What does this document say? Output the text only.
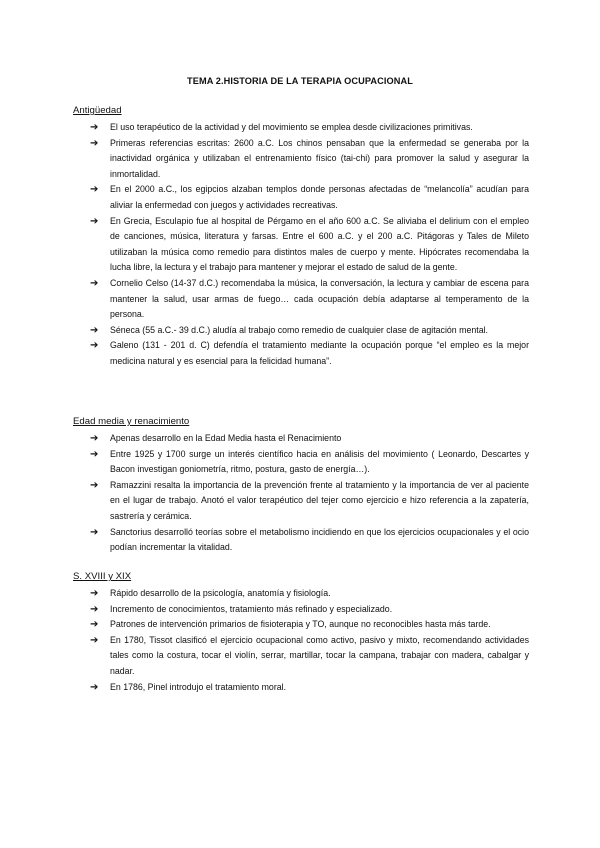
TEMA 2.HISTORIA DE LA TERAPIA OCUPACIONAL
Antigüedad
➔ El uso terapéutico de la actividad y del movimiento se emplea desde civilizaciones primitivas.
➔ Primeras referencias escritas: 2600 a.C. Los chinos pensaban que la enfermedad se generaba por la inactividad orgánica y utilizaban el entrenamiento físico (tai-chi) para promover la salud y asegurar la inmortalidad.
➔ En el 2000 a.C., los egipcios alzaban templos donde personas afectadas de “melancolía” acudían para aliviar la enfermedad con juegos y actividades recreativas.
➔ En Grecia, Esculapio fue al hospital de Pérgamo en el año 600 a.C. Se aliviaba el delirium con el empleo de canciones, música, literatura y farsas. Entre el 600 a.C. y el 200 a.C. Pitágoras y Tales de Mileto utilizaban la música como remedio para distintos males de cuerpo y mente. Hipócrates recomendaba la lucha libre, la lectura y el trabajo para mantener y mejorar el estado de salud de la gente.
➔ Cornelio Celso (14-37 d.C.) recomendaba la música, la conversación, la lectura y cambiar de escena para mantener la salud, usar armas de fuego… cada ocupación debía adaptarse al temperamento de la persona.
➔ Séneca (55 a.C.- 39 d.C.) aludía al trabajo como remedio de cualquier clase de agitación mental.
➔ Galeno (131 - 201 d. C) defendía el tratamiento mediante la ocupación porque “el empleo es la mejor medicina natural y es esencial para la felicidad humana”.
Edad media y renacimiento
➔ Apenas desarrollo en la Edad Media hasta el Renacimiento
➔ Entre 1925 y 1700 surge un interés científico hacia en análisis del movimiento ( Leonardo, Descartes y Bacon investigan goniometría, ritmo, postura, gasto de energía…).
➔ Ramazzini resalta la importancia de la prevención frente al tratamiento y la importancia de ver al paciente en el lugar de trabajo. Anotó el valor terapéutico del tejer como ejercicio e hizo referencia a la zapatería, sastrería y cerámica.
➔ Sanctorius desarrolló teorías sobre el metabolismo incidiendo en que los ejercicios ocupacionales y el ocio podían incrementar la vitalidad.
S. XVIII y XIX
➔ Rápido desarrollo de la psicología, anatomía y fisiología.
➔ Incremento de conocimientos, tratamiento más refinado y especializado.
➔ Patrones de intervención primarios de fisioterapia y TO, aunque no reconocibles hasta más tarde.
➔ En 1780, Tissot clasificó el ejercicio ocupacional como activo, pasivo y mixto, recomendando actividades tales como la costura, tocar el violín, serrar, martillar, tocar la campana, trabajar con madera, cabalgar y nadar.
➔ En 1786, Pinel introdujo el tratamiento moral.
